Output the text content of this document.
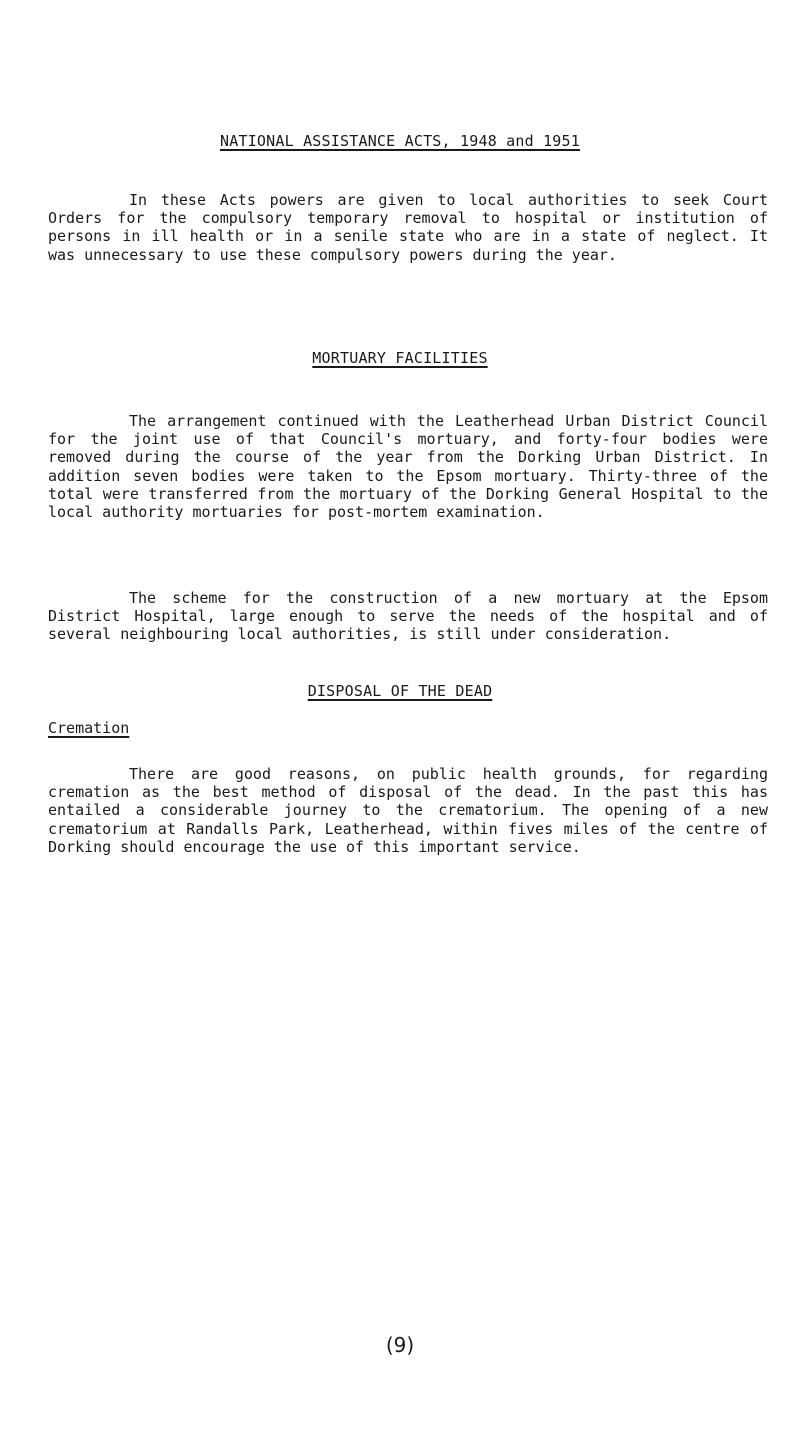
NATIONAL ASSISTANCE ACTS, 1948 and 1951

In these Acts powers are given to local authorities to seek Court Orders for the compulsory temporary removal to hospital or institution of persons in ill health or in a senile state who are in a state of neglect. It was unnecessary to use these compulsory powers during the year.

MORTUARY FACILITIES

The arrangement continued with the Leatherhead Urban District Council for the joint use of that Council's mortuary, and forty-four bodies were removed during the course of the year from the Dorking Urban District. In addition seven bodies were taken to the Epsom mortuary. Thirty-three of the total were transferred from the mortuary of the Dorking General Hospital to the local authority mortuaries for post-mortem examination.

The scheme for the construction of a new mortuary at the Epsom District Hospital, large enough to serve the needs of the hospital and of several neighbouring local authorities, is still under consideration.

DISPOSAL OF THE DEAD
Cremation

There are good reasons, on public health grounds, for regarding cremation as the best method of disposal of the dead. In the past this has entailed a considerable journey to the crematorium. The opening of a new crematorium at Randalls Park, Leatherhead, within fives miles of the centre of Dorking should encourage the use of this important service.

(9)
